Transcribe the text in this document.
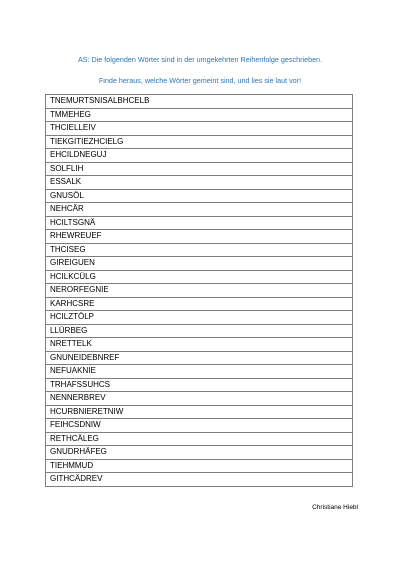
AS: Die folgenden Wörter sind in der umgekehrten Reihenfolge geschrieben.
Finde heraus, welche Wörter gemeint sind, und lies sie laut vor!
TNEMURTSNISALBHCELB
TMMEHEG
THCIELLEIV
TIEKGITIEZHCIELG
EHCILDNEGUJ
SOLFLIH
ESSALK
GNUSÖL
NEHCÄR
HCILTSGNÄ
RHEWREUEF
THCISEG
GIREIGUEN
HCILKCÜLG
NERORFEGNIE
KARHCSRE
HCILZTÖLP
LLÜRBEG
NRETTELK
GNUNEIDEBNREF
NEFUAKNIE
TRHAFSSUHCS
NENNERBREV
HCURBNIERETNIW
FEIHCSDNIW
RETHCÄLEG
GNUDRHÄFEG
TIEHMMUD
GITHCÄDREV
Christiane Hiebl
